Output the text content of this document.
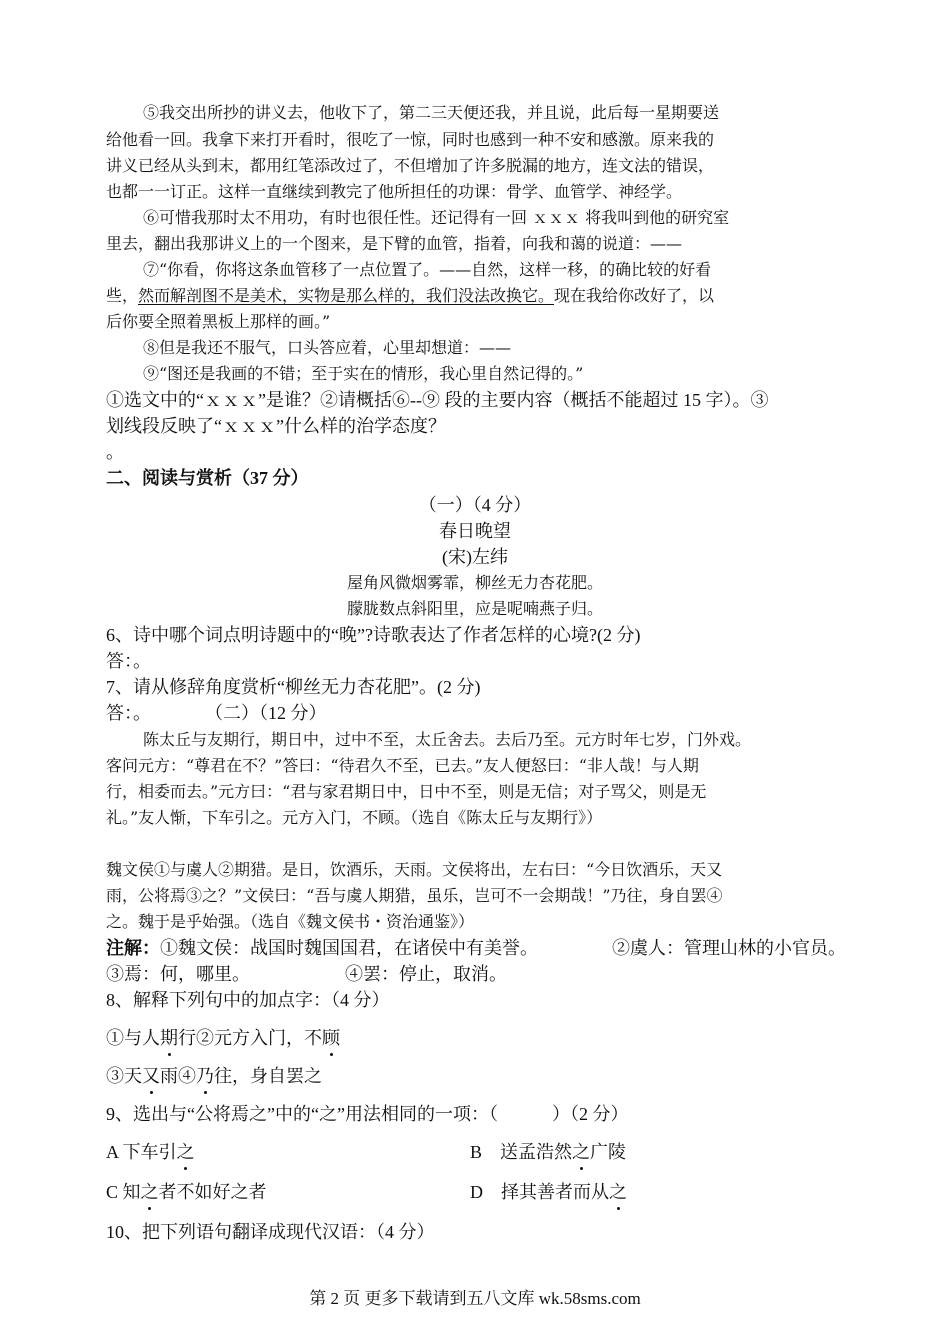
⑤我交出所抄的讲义去，他收下了，第二三天便还我，并且说，此后每一星期要送
给他看一回。我拿下来打开看时，很吃了一惊，同时也感到一种不安和感激。原来我的
讲义已经从头到末，都用红笔添改过了，不但增加了许多脱漏的地方，连文法的错误，
也都一一订正。这样一直继续到教完了他所担任的功课：骨学、血管学、神经学。
⑥可惜我那时太不用功，有时也很任性。还记得有一回 ｘｘｘ 将我叫到他的研究室
里去，翻出我那讲义上的一个图来，是下臂的血管，指着，向我和蔼的说道：——
⑦“你看，你将这条血管移了一点位置了。——自然，这样一移，的确比较的好看
些，然而解剖图不是美术，实物是那么样的，我们没法改换它。现在我给你改好了，以
后你要全照着黑板上那样的画。”
⑧但是我还不服气，口头答应着，心里却想道：——
⑨“图还是我画的不错；至于实在的情形，我心里自然记得的。”
①选文中的“ｘｘｘ”是谁？②请概括⑥--⑨ 段的主要内容（概括不能超过 15 字）。③
划线段反映了“ｘｘｘ”什么样的治学态度？
。
二、阅读与赏析（37 分）
（一）（4 分）
春日晚望
(宋)左纬
屋角风微烟雾霏，柳丝无力杏花肥。
朦胧数点斜阳里，应是呢喃燕子归。
6、诗中哪个词点明诗题中的“晚”?诗歌表达了作者怎样的心境?(2 分)
答：。
7、请从修辞角度赏析“柳丝无力杏花肥”。(2 分)
答：。	（二）（12 分）
陈太丘与友期行，期日中，过中不至，太丘舍去。去后乃至。元方时年七岁，门外戏。
客问元方：“尊君在不？”答曰：“待君久不至，已去。”友人便怒曰：“非人哉！与人期
行，相委而去。”元方曰：“君与家君期日中，日中不至，则是无信；对子骂父，则是无
礼。”友人惭，下车引之。元方入门，不顾。（选自《陈太丘与友期行》）
魏文侯①与虞人②期猎。是日，饮酒乐，天雨。文侯将出，左右曰：“今日饮酒乐，天又
雨，公将焉③之？”文侯曰：“吾与虞人期猎，虽乐，岂可不一会期哉！”乃往，身自罢④
之。魏于是乎始强。（选自《魏文侯书・资治通鉴》）
注解：①魏文侯：战国时魏国国君，在诸侯中有美誉。	②虞人：管理山林的小官员。
③焉：何，哪里。	④罢：停止，取消。
8、解释下列句中的加点字：（4 分）
①与人期行②元方入门，不顾
③天又雨④乃往，身自罢之
9、选出与“公将焉之”中的“之”用法相同的一项：（　　　）（2 分）
A 下车引之	B　送孟浩然之广陵
C 知之者不如好之者	D　择其善者而从之
10、把下列语句翻译成现代汉语：（4 分）
第 2 页 更多下载请到五八文库 wk.58sms.com
